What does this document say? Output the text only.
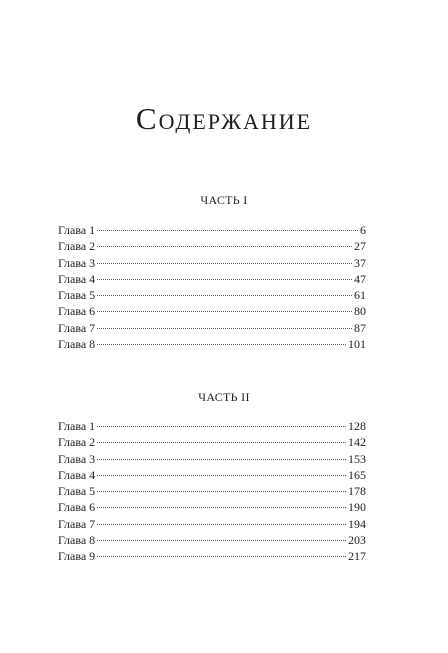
Содержание
ЧАСТЬ I
Глава 1	6
Глава 2	27
Глава 3	37
Глава 4	47
Глава 5	61
Глава 6	80
Глава 7	87
Глава 8	101
ЧАСТЬ II
Глава 1	128
Глава 2	142
Глава 3	153
Глава 4	165
Глава 5	178
Глава 6	190
Глава 7	194
Глава 8	203
Глава 9	217
